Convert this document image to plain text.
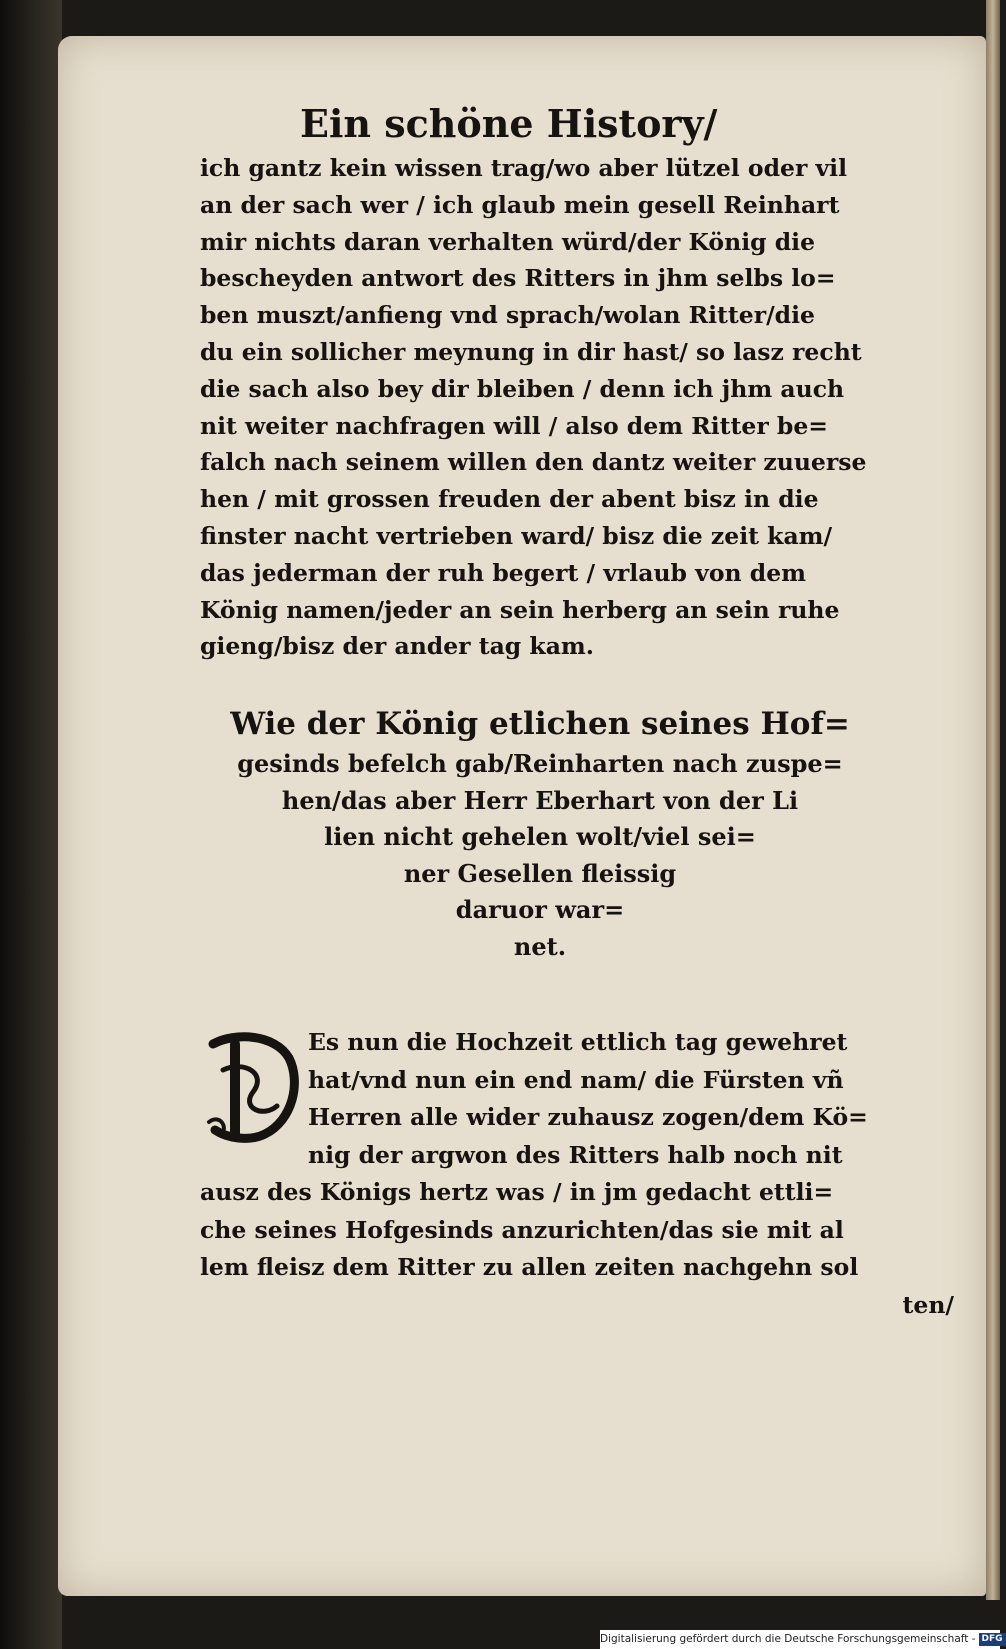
Ein schöne History/
ich gantz kein wissen trag/wo aber lützel oder vil
an der sach wer / ich glaub mein gesell Reinhart
mir nichts daran verhalten würd/der König die
bescheyden antwort des Ritters in jhm selbs lo=
ben muszt/anfieng vnd sprach/wolan Ritter/die
du ein sollicher meynung in dir hast/ so lasz recht
die sach also bey dir bleiben / denn ich jhm auch
nit weiter nachfragen will / also dem Ritter be=
falch nach seinem willen den dantz weiter zuuerse
hen / mit grossen freuden der abent bisz in die
finster nacht vertrieben ward/ bisz die zeit kam/
das jederman der ruh begert / vrlaub von dem
König namen/jeder an sein herberg an sein ruhe
gieng/bisz der ander tag kam.
Wie der König etlichen seines Hof=
gesinds befelch gab/Reinharten nach zuspe=
hen/das aber Herr Eberhart von der Li
lien nicht gehelen wolt/viel sei=
ner Gesellen fleissig
daruor war=
net.
D
Es nun die Hochzeit ettlich tag gewehret
hat/vnd nun ein end nam/ die Fürsten vñ
Herren alle wider zuhausz zogen/dem Kö=
nig der argwon des Ritters halb noch nit
ausz des Königs hertz was / in jm gedacht ettli=
che seines Hofgesinds anzurichten/das sie mit al
lem fleisz dem Ritter zu allen zeiten nachgehn sol
ten/
Digitalisierung gefördert durch die Deutsche Forschungsgemeinschaft - DFG
